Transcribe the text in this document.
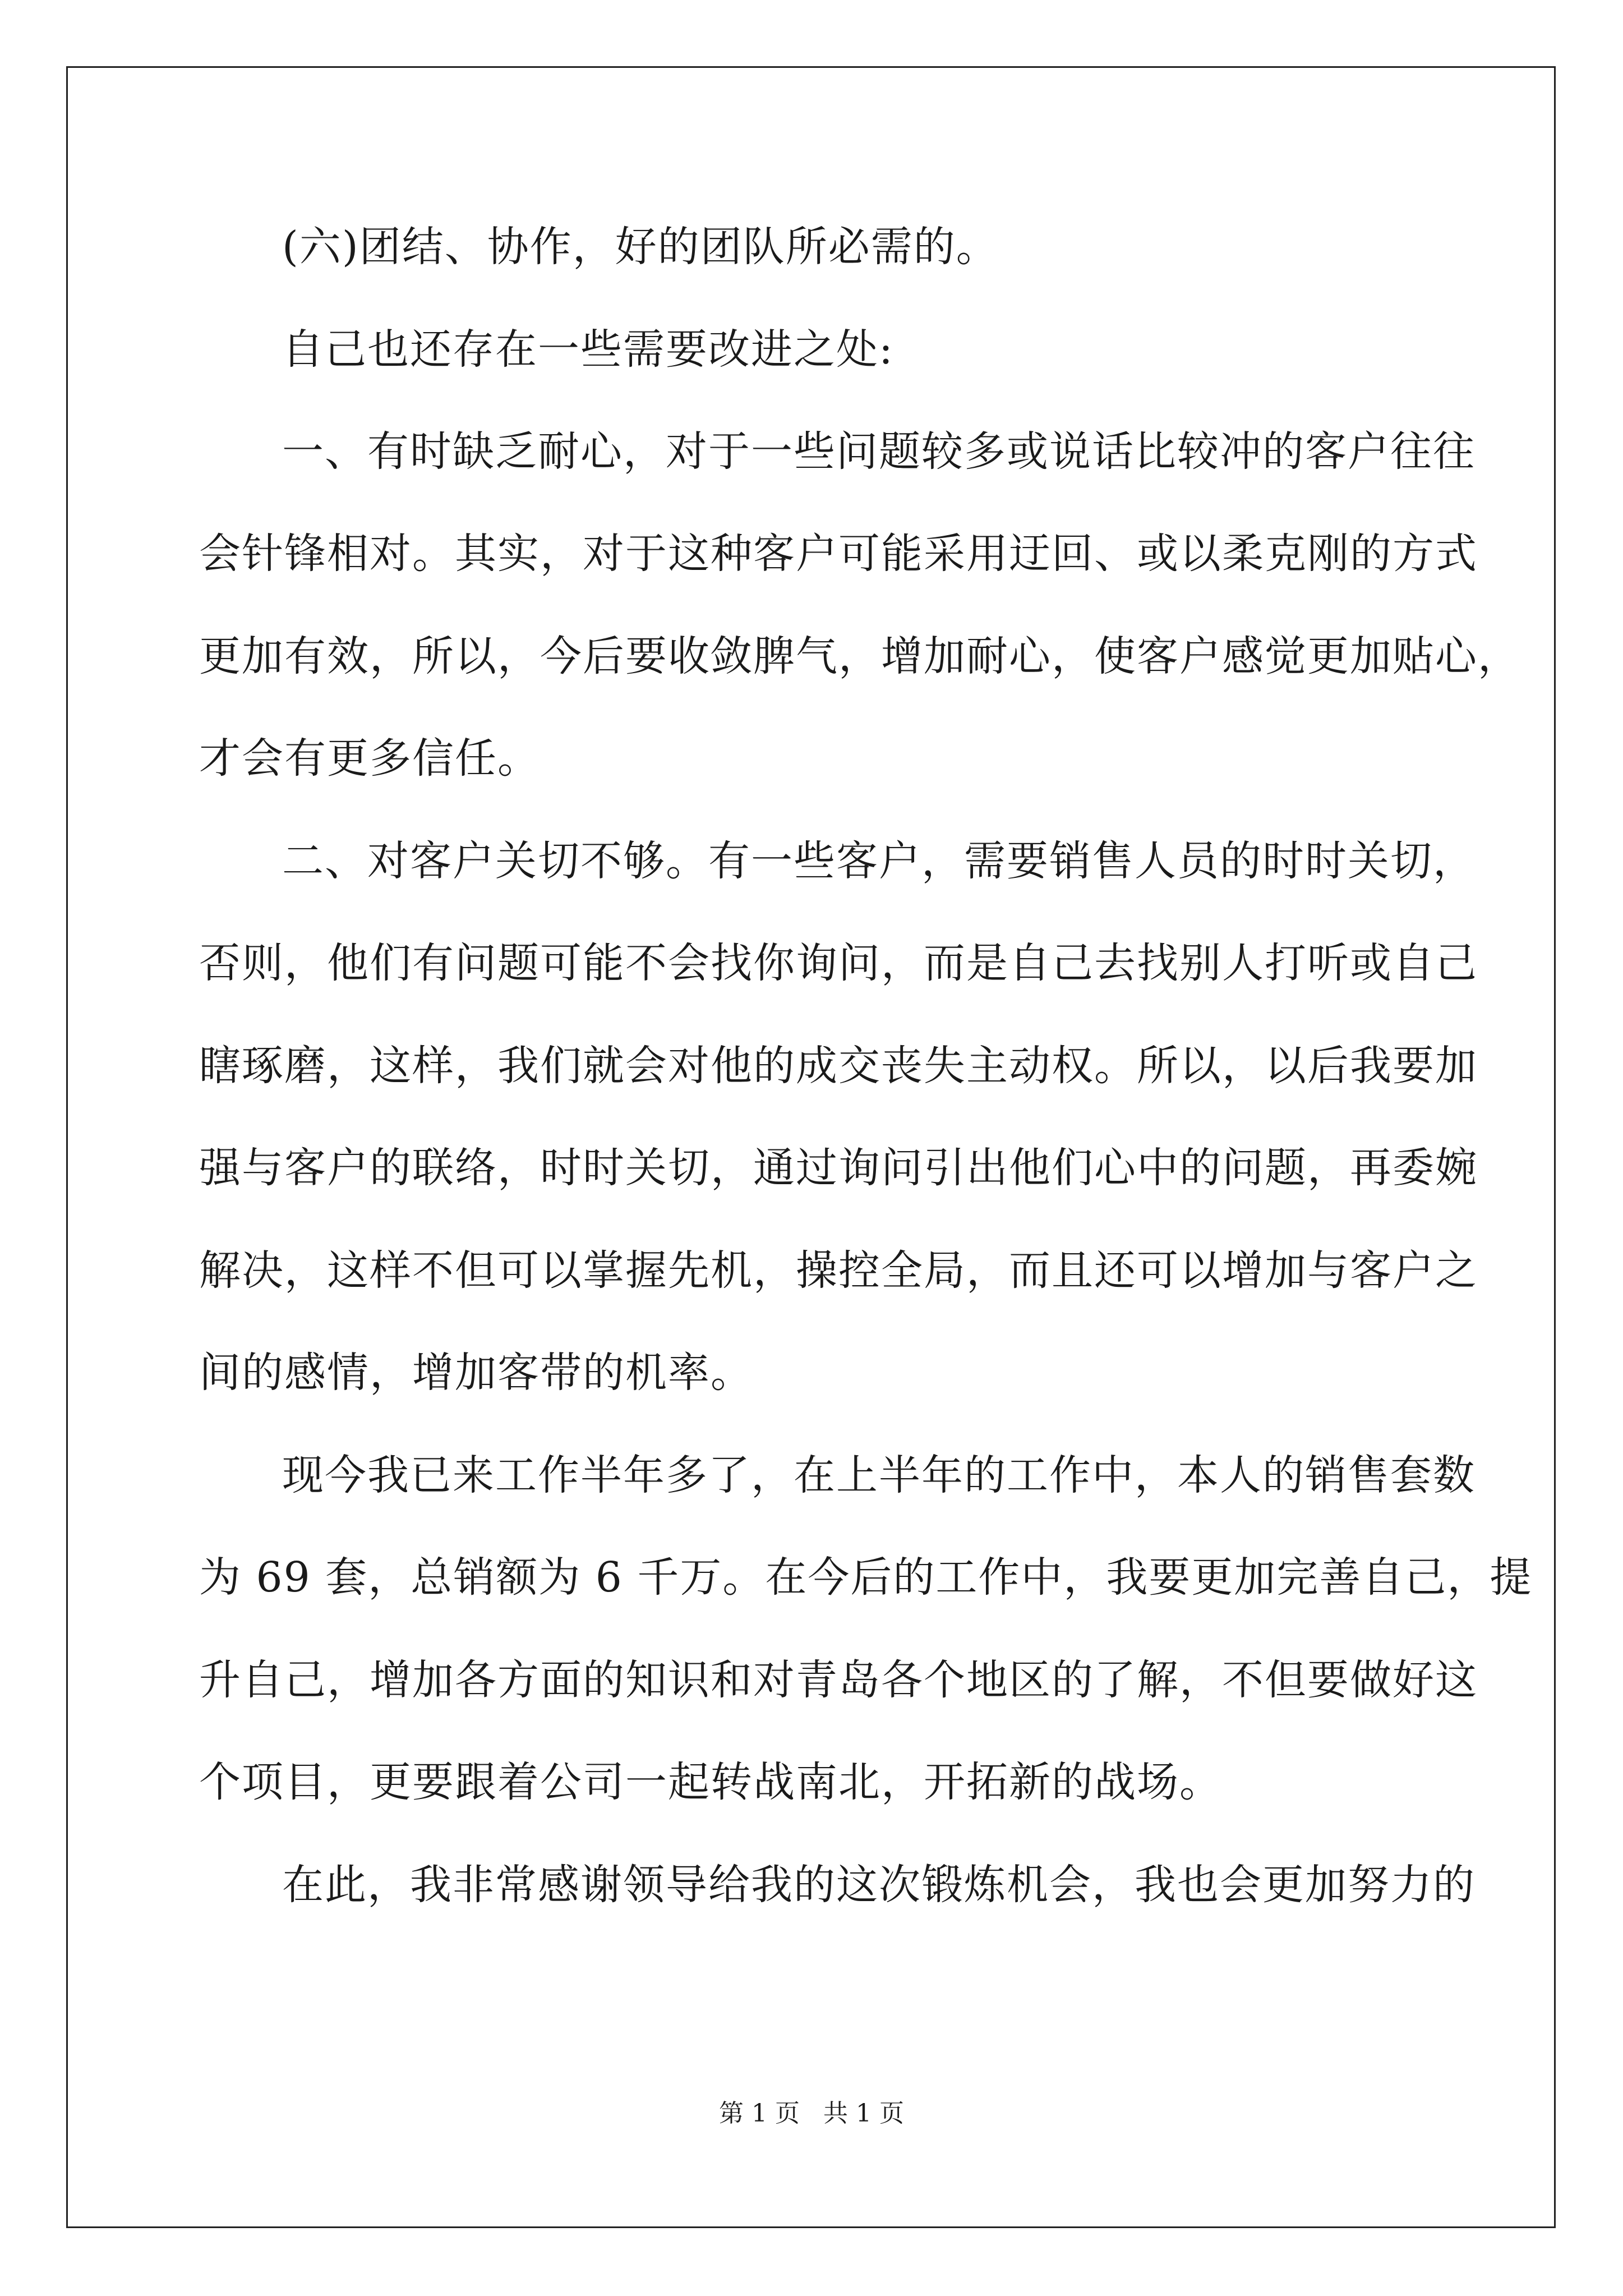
(六)团结、协作，好的团队所必需的。
自己也还存在一些需要改进之处:
一、有时缺乏耐心，对于一些问题较多或说话比较冲的客户往往
会针锋相对。其实，对于这种客户可能采用迂回、或以柔克刚的方式
更加有效，所以，今后要收敛脾气，增加耐心，使客户感觉更加贴心，
才会有更多信任。
二、对客户关切不够。有一些客户，需要销售人员的时时关切，
否则，他们有问题可能不会找你询问，而是自己去找别人打听或自己
瞎琢磨，这样，我们就会对他的成交丧失主动权。所以，以后我要加
强与客户的联络，时时关切，通过询问引出他们心中的问题，再委婉
解决，这样不但可以掌握先机，操控全局，而且还可以增加与客户之
间的感情，增加客带的机率。
现今我已来工作半年多了，在上半年的工作中，本人的销售套数
为 69 套，总销额为 6 千万。在今后的工作中，我要更加完善自己，提
升自己，增加各方面的知识和对青岛各个地区的了解，不但要做好这
个项目，更要跟着公司一起转战南北，开拓新的战场。
在此，我非常感谢领导给我的这次锻炼机会，我也会更加努力的
第 1 页   共 1 页
